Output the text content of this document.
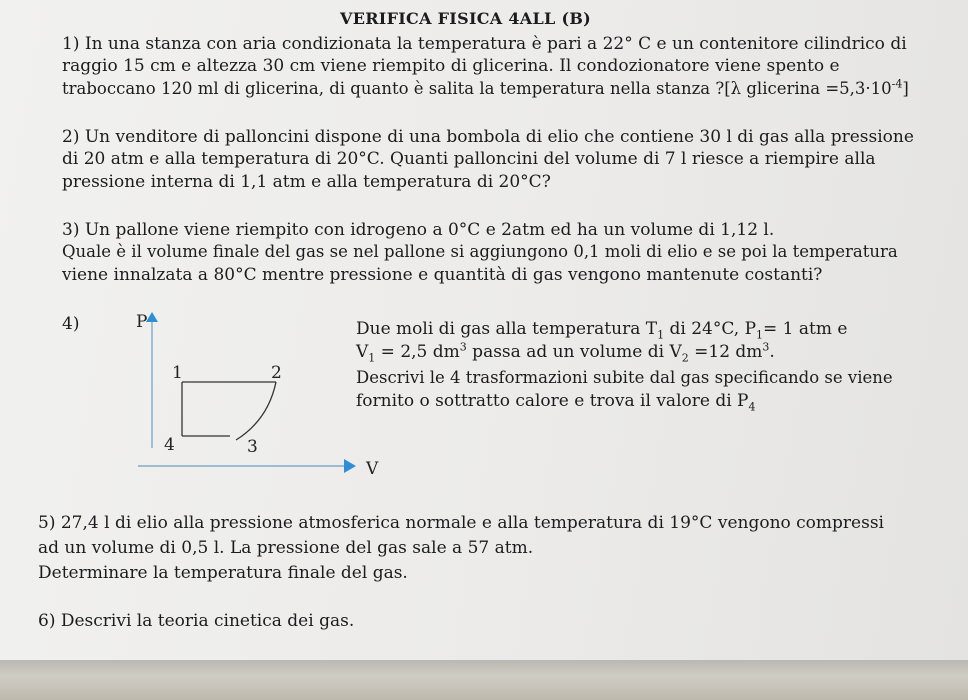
VERIFICA FISICA 4ALL (B)
1) In una stanza con aria condizionata la temperatura è pari a 22° C e un contenitore cilindrico di
raggio 15 cm e altezza 30 cm viene riempito di glicerina. Il condozionatore viene spento e
traboccano 120 ml di glicerina, di quanto è salita la temperatura nella stanza ?[λ glicerina $=5,3\cdot 10^{-4}$]
2) Un venditore di palloncini dispone di una bombola di elio che contiene 30 l di gas alla pressione
di 20 atm e alla temperatura di 20°C. Quanti palloncini del volume di 7 l riesce a riempire alla
pressione interna di 1,1 atm e alla temperatura di 20°C?
3) Un pallone viene riempito con idrogeno a 0°C e 2atm ed ha un volume di 1,12 l.
Quale è il volume finale del gas se nel pallone si aggiungono 0,1 moli di elio e se poi la temperatura
viene innalzata a 80°C mentre pressione e quantità di gas vengono mantenute costanti?
4)	P
V
1	2
3
4
Due moli di gas alla temperatura $T_1$ di 24°C, $P_1= 1$ atm e
$V_1 = 2,5$ $dm^3$ passa ad un volume di $V_2 =12$ $dm^3$.
Descrivi le 4 trasformazioni subite dal gas specificando se viene
fornito o sottratto calore e trova il valore di $P_4$
5) 27,4 l di elio alla pressione atmosferica normale e alla temperatura di 19°C vengono compressi
ad un volume di 0,5 l. La pressione del gas sale a 57 atm.
Determinare la temperatura finale del gas.
6) Descrivi la teoria cinetica dei gas.
